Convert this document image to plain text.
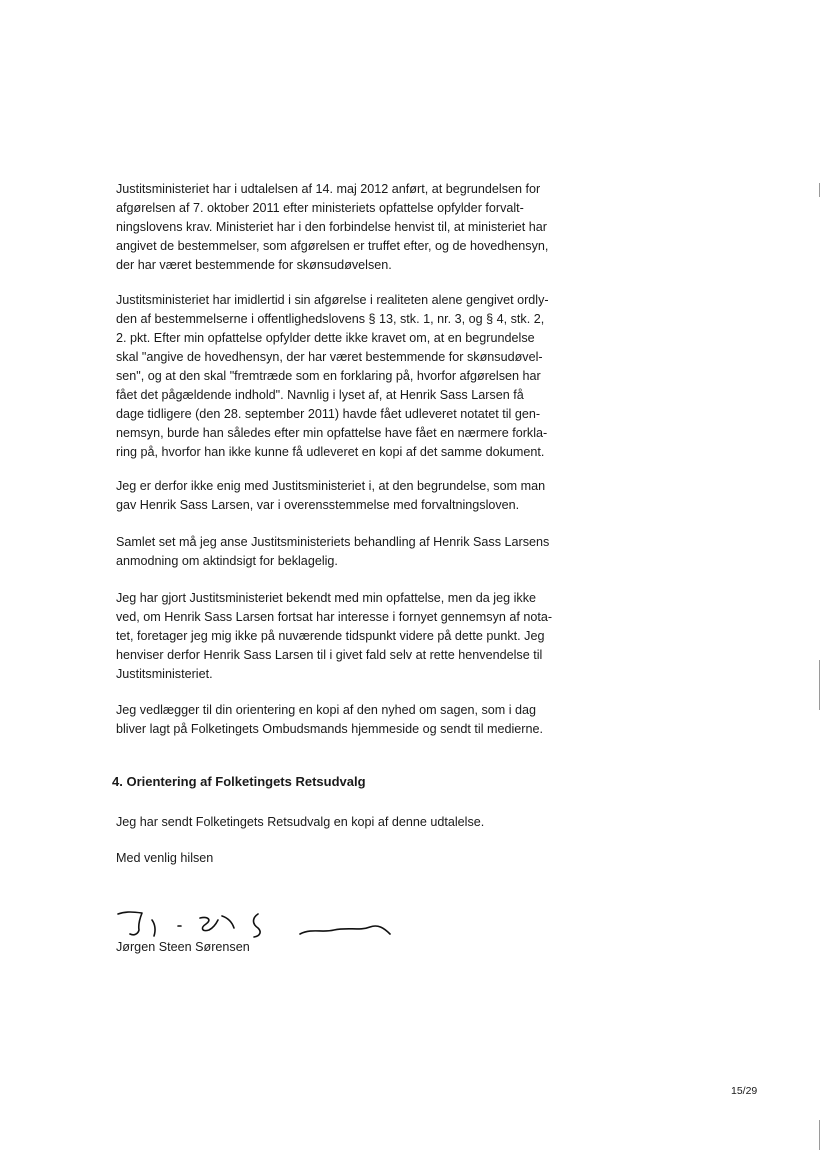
Justitsministeriet har i udtalelsen af 14. maj 2012 anført, at begrundelsen for
afgørelsen af 7. oktober 2011 efter ministeriets opfattelse opfylder forvalt-
ningslovens krav. Ministeriet har i den forbindelse henvist til, at ministeriet har
angivet de bestemmelser, som afgørelsen er truffet efter, og de hovedhensyn,
der har været bestemmende for skønsudøvelsen.

Justitsministeriet har imidlertid i sin afgørelse i realiteten alene gengivet ordly-
den af bestemmelserne i offentlighedslovens § 13, stk. 1, nr. 3, og § 4, stk. 2,
2. pkt. Efter min opfattelse opfylder dette ikke kravet om, at en begrundelse
skal "angive de hovedhensyn, der har været bestemmende for skønsudøvel-
sen", og at den skal "fremtræde som en forklaring på, hvorfor afgørelsen har
fået det pågældende indhold". Navnlig i lyset af, at Henrik Sass Larsen få
dage tidligere (den 28. september 2011) havde fået udleveret notatet til gen-
nemsyn, burde han således efter min opfattelse have fået en nærmere forkla-
ring på, hvorfor han ikke kunne få udleveret en kopi af det samme dokument.

Jeg er derfor ikke enig med Justitsministeriet i, at den begrundelse, som man
gav Henrik Sass Larsen, var i overensstemmelse med forvaltningsloven.

Samlet set må jeg anse Justitsministeriets behandling af Henrik Sass Larsens
anmodning om aktindsigt for beklagelig.

Jeg har gjort Justitsministeriet bekendt med min opfattelse, men da jeg ikke
ved, om Henrik Sass Larsen fortsat har interesse i fornyet gennemsyn af nota-
tet, foretager jeg mig ikke på nuværende tidspunkt videre på dette punkt. Jeg
henviser derfor Henrik Sass Larsen til i givet fald selv at rette henvendelse til
Justitsministeriet.

Jeg vedlægger til din orientering en kopi af den nyhed om sagen, som i dag
bliver lagt på Folketingets Ombudsmands hjemmeside og sendt til medierne.

4. Orientering af Folketingets Retsudvalg

Jeg har sendt Folketingets Retsudvalg en kopi af denne udtalelse.

Med venlig hilsen

Jørgen Steen Sørensen
15/29
